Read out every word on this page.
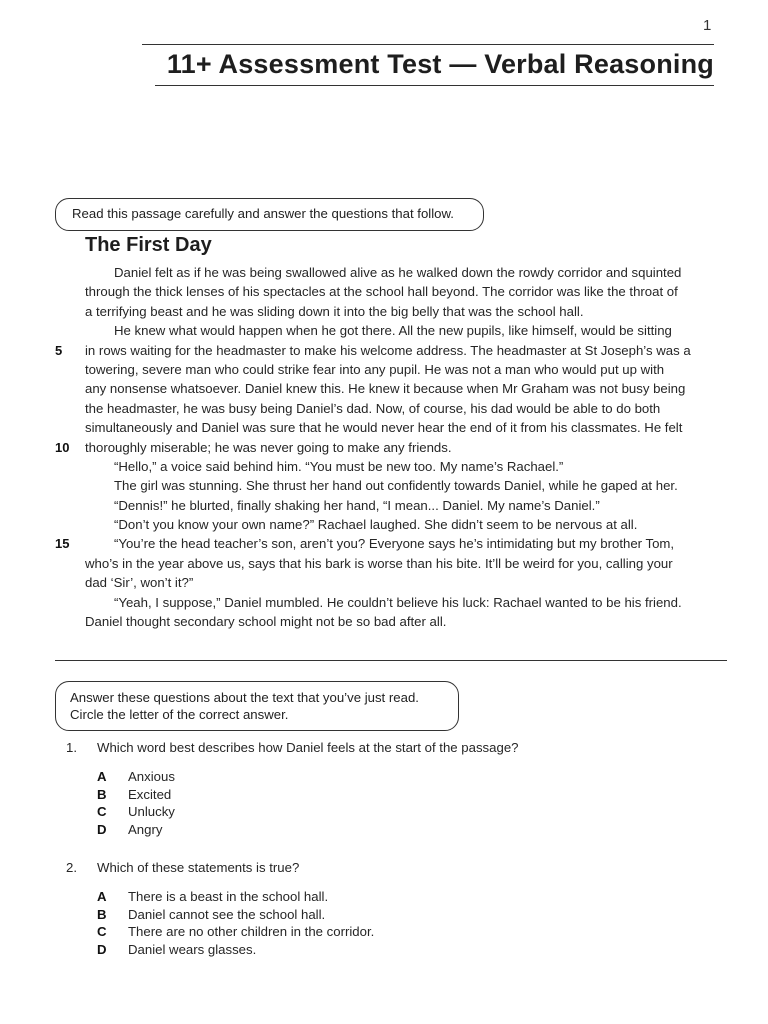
1
11+ Assessment Test — Verbal Reasoning
Read this passage carefully and answer the questions that follow.
The First Day
Daniel felt as if he was being swallowed alive as he walked down the rowdy corridor and squinted
through the thick lenses of his spectacles at the school hall beyond. The corridor was like the throat of
a terrifying beast and he was sliding down it into the big belly that was the school hall.
He knew what would happen when he got there. All the new pupils, like himself, would be sitting
5	in rows waiting for the headmaster to make his welcome address. The headmaster at St Joseph’s was a
towering, severe man who could strike fear into any pupil. He was not a man who would put up with
any nonsense whatsoever. Daniel knew this. He knew it because when Mr Graham was not busy being
the headmaster, he was busy being Daniel’s dad. Now, of course, his dad would be able to do both
simultaneously and Daniel was sure that he would never hear the end of it from his classmates. He felt
10	thoroughly miserable; he was never going to make any friends.
“Hello,” a voice said behind him. “You must be new too. My name’s Rachael.”
The girl was stunning. She thrust her hand out confidently towards Daniel, while he gaped at her.
“Dennis!” he blurted, finally shaking her hand, “I mean... Daniel. My name’s Daniel.”
“Don’t you know your own name?” Rachael laughed. She didn’t seem to be nervous at all.
15	“You’re the head teacher’s son, aren’t you? Everyone says he’s intimidating but my brother Tom,
who’s in the year above us, says that his bark is worse than his bite. It’ll be weird for you, calling your
dad ‘Sir’, won’t it?”
“Yeah, I suppose,” Daniel mumbled. He couldn’t believe his luck: Rachael wanted to be his friend.
Daniel thought secondary school might not be so bad after all.
Answer these questions about the text that you’ve just read.
Circle the letter of the correct answer.
1. Which word best describes how Daniel feels at the start of the passage?
A Anxious
B Excited
C Unlucky
D Angry
2. Which of these statements is true?
A There is a beast in the school hall.
B Daniel cannot see the school hall.
C There are no other children in the corridor.
D Daniel wears glasses.
